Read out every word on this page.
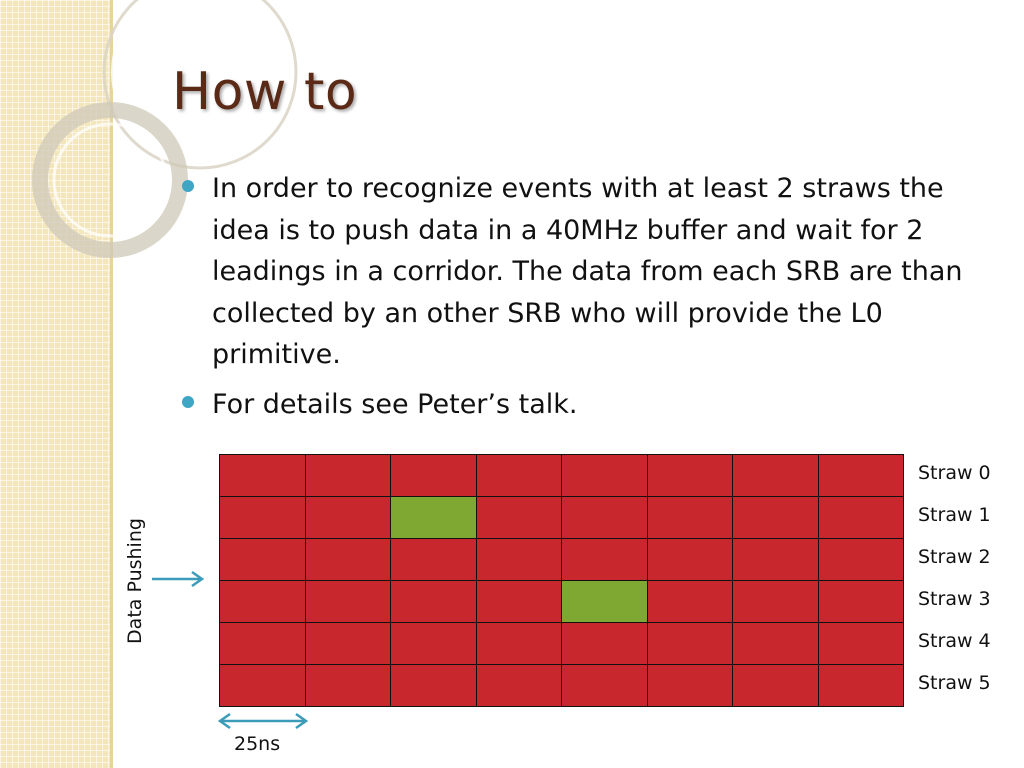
How to
In order to recognize events with at least 2 straws the idea is to push data in a 40MHz buffer and wait for 2 leadings in a corridor. The data from each SRB are than collected by an other SRB who will provide the L0 primitive.
For details see Peter’s talk.
Straw 0
Straw 1
Straw 2
Straw 3
Straw 4
Straw 5
Data Pushing
25ns
